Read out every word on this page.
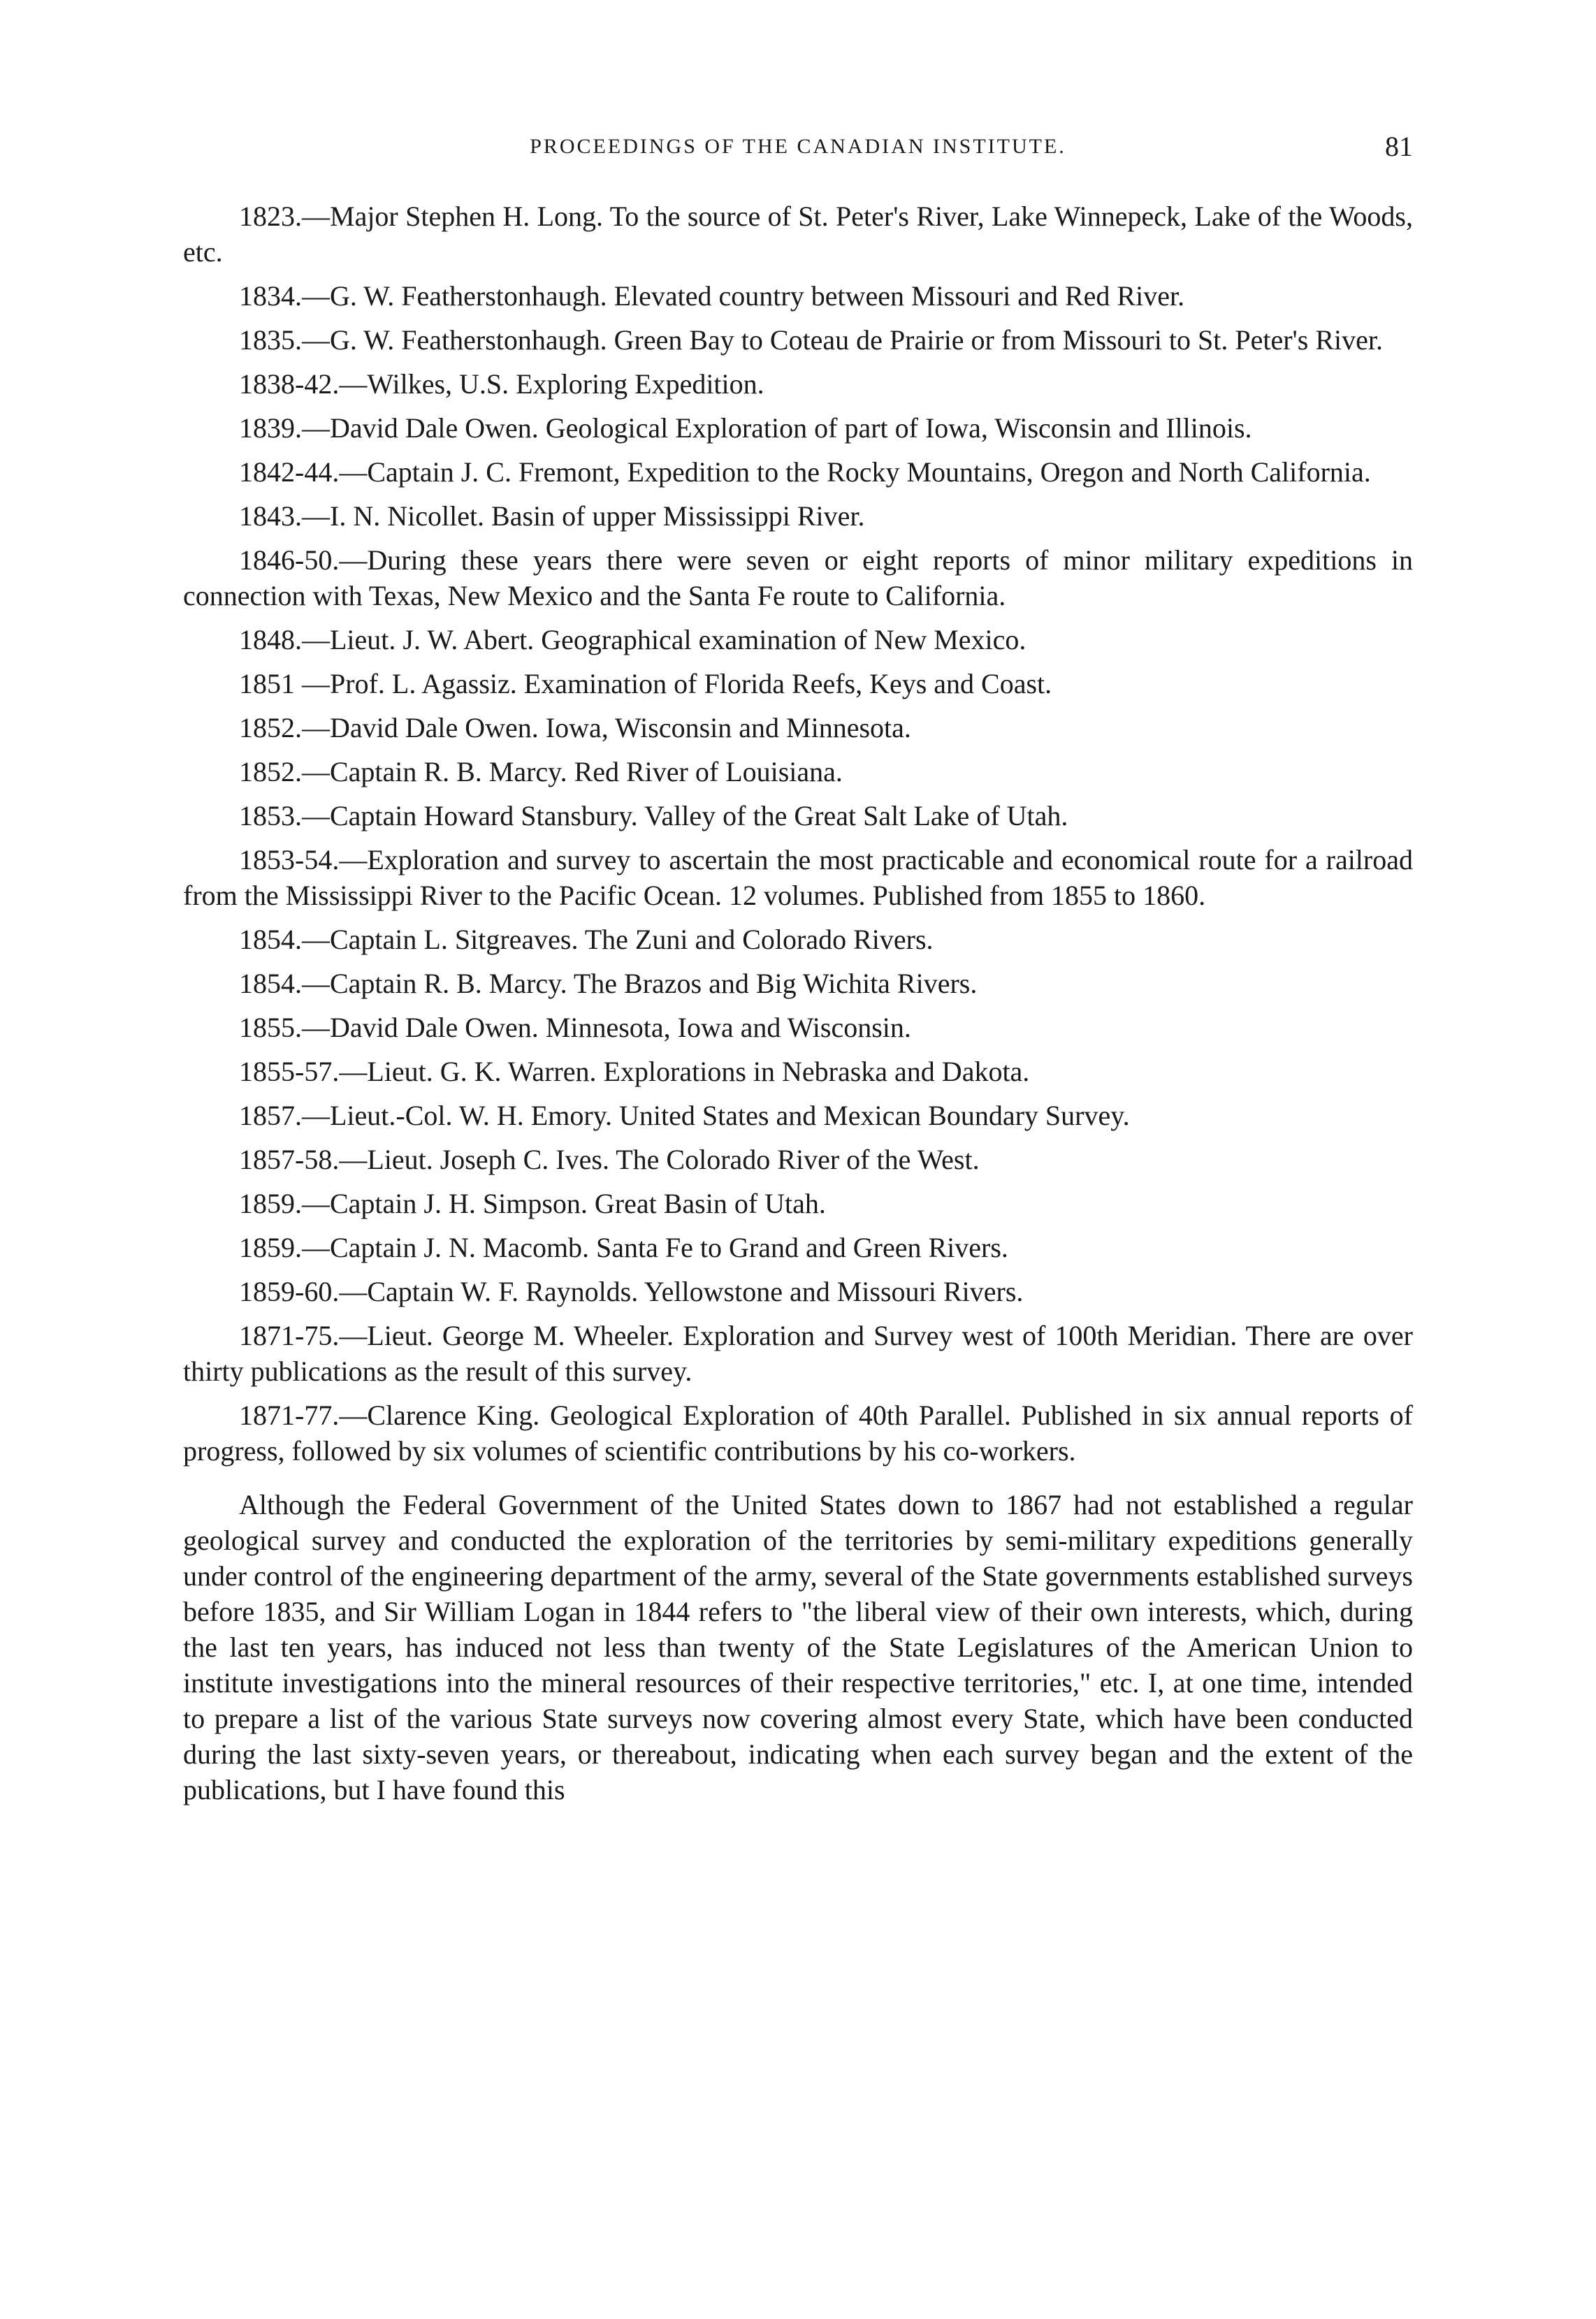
PROCEEDINGS OF THE CANADIAN INSTITUTE.	81

1823.—Major Stephen H. Long. To the source of St. Peter's River, Lake Winnepeck, Lake of the Woods, etc.

1834.—G. W. Featherstonhaugh. Elevated country between Missouri and Red River.

1835.—G. W. Featherstonhaugh. Green Bay to Coteau de Prairie or from Missouri to St. Peter's River.

1838-42.—Wilkes, U.S. Exploring Expedition.

1839.—David Dale Owen. Geological Exploration of part of Iowa, Wisconsin and Illinois.

1842-44.—Captain J. C. Fremont, Expedition to the Rocky Mountains, Oregon and North California.

1843.—I. N. Nicollet. Basin of upper Mississippi River.

1846-50.—During these years there were seven or eight reports of minor military expeditions in connection with Texas, New Mexico and the Santa Fe route to California.

1848.—Lieut. J. W. Abert. Geographical examination of New Mexico.

1851 —Prof. L. Agassiz. Examination of Florida Reefs, Keys and Coast.

1852.—David Dale Owen. Iowa, Wisconsin and Minnesota.

1852.—Captain R. B. Marcy. Red River of Louisiana.

1853.—Captain Howard Stansbury. Valley of the Great Salt Lake of Utah.

1853-54.—Exploration and survey to ascertain the most practicable and economical route for a railroad from the Mississippi River to the Pacific Ocean. 12 volumes. Published from 1855 to 1860.

1854.—Captain L. Sitgreaves. The Zuni and Colorado Rivers.

1854.—Captain R. B. Marcy. The Brazos and Big Wichita Rivers.

1855.—David Dale Owen. Minnesota, Iowa and Wisconsin.

1855-57.—Lieut. G. K. Warren. Explorations in Nebraska and Dakota.

1857.—Lieut.-Col. W. H. Emory. United States and Mexican Boundary Survey.

1857-58.—Lieut. Joseph C. Ives. The Colorado River of the West.

1859.—Captain J. H. Simpson. Great Basin of Utah.

1859.—Captain J. N. Macomb. Santa Fe to Grand and Green Rivers.

1859-60.—Captain W. F. Raynolds. Yellowstone and Missouri Rivers.

1871-75.—Lieut. George M. Wheeler. Exploration and Survey west of 100th Meridian. There are over thirty publications as the result of this survey.

1871-77.—Clarence King. Geological Exploration of 40th Parallel. Published in six annual reports of progress, followed by six volumes of scientific contributions by his co-workers.

Although the Federal Government of the United States down to 1867 had not established a regular geological survey and conducted the exploration of the territories by semi-military expeditions generally under control of the engineering department of the army, several of the State governments established surveys before 1835, and Sir William Logan in 1844 refers to "the liberal view of their own interests, which, during the last ten years, has induced not less than twenty of the State Legislatures of the American Union to institute investigations into the mineral resources of their respective territories," etc. I, at one time, intended to prepare a list of the various State surveys now covering almost every State, which have been conducted during the last sixty-seven years, or thereabout, indicating when each survey began and the extent of the publications, but I have found this
